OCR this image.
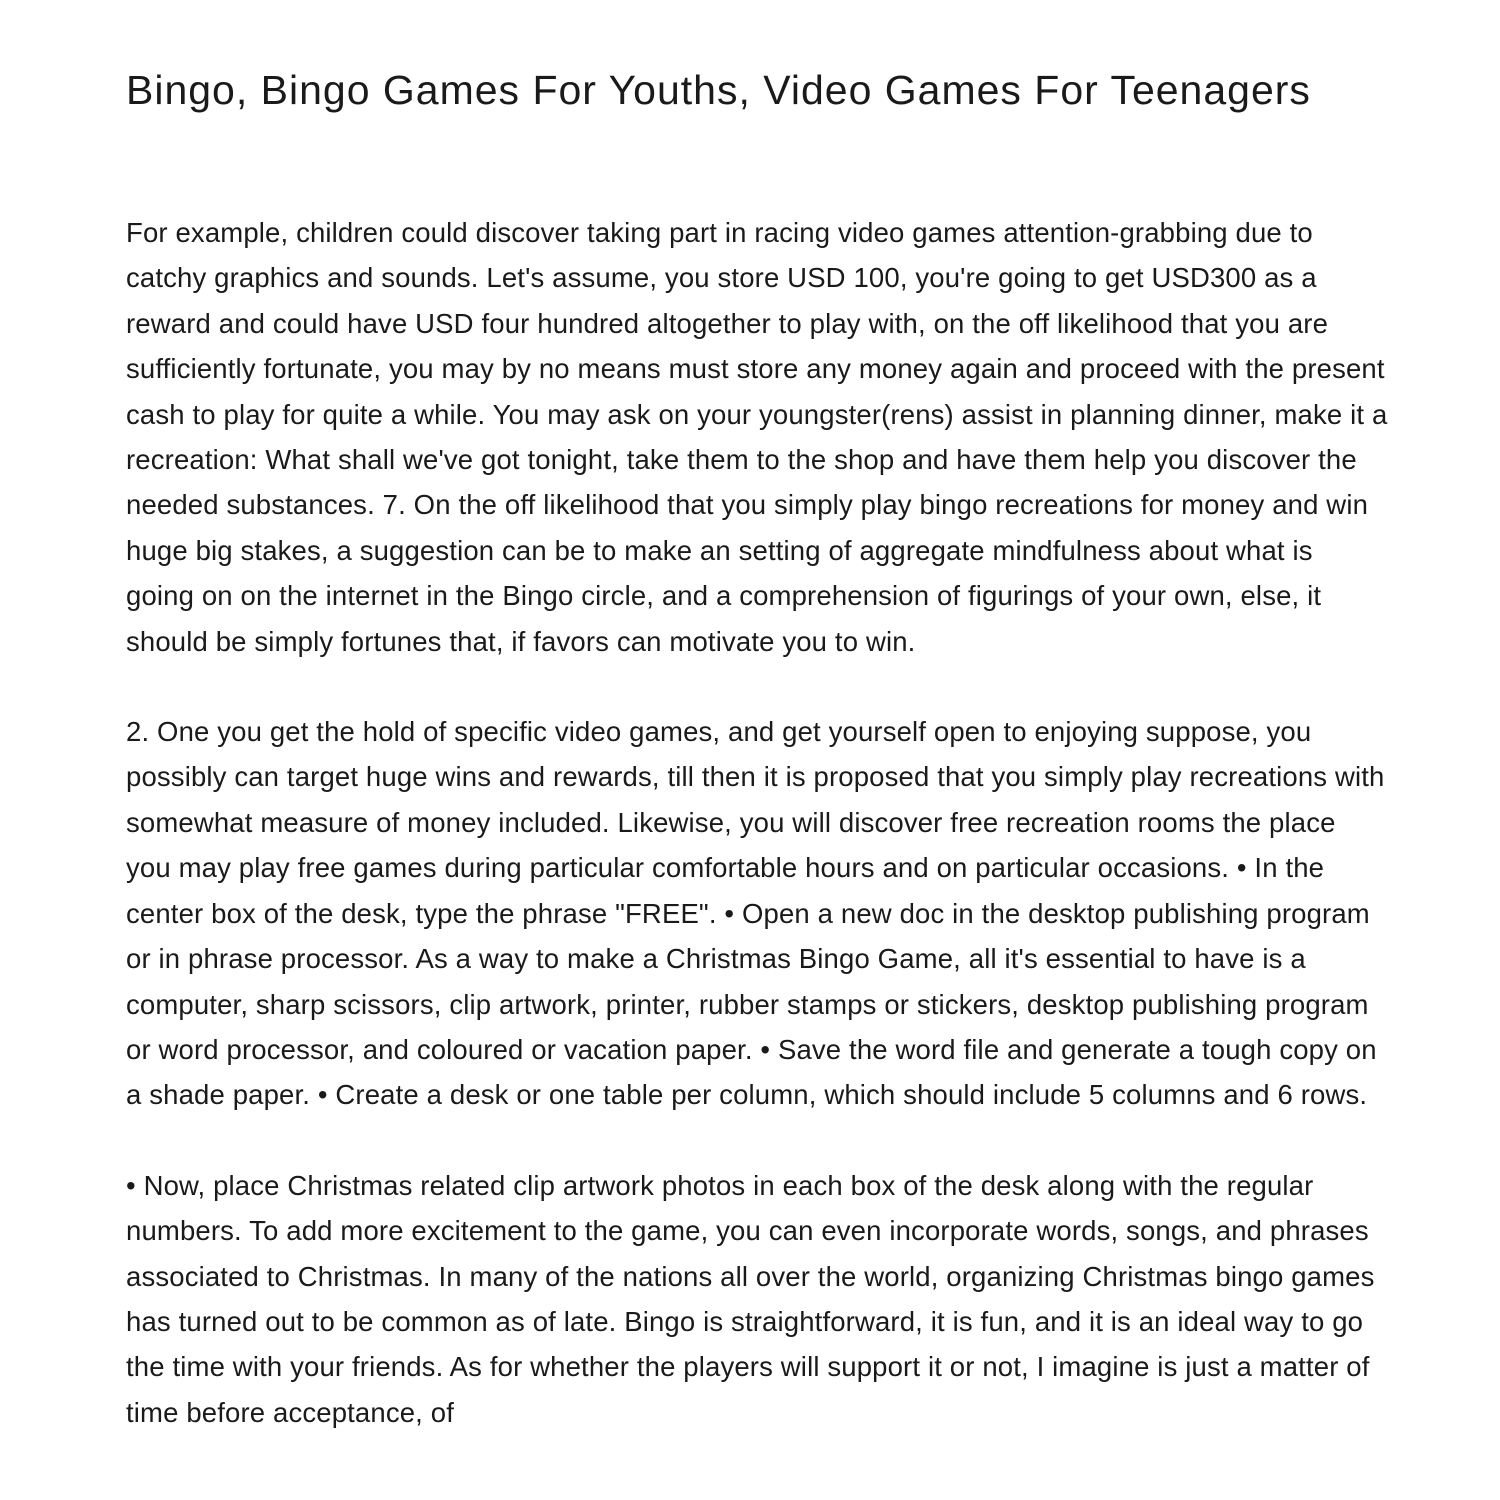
Bingo, Bingo Games For Youths, Video Games For Teenagers

For example, children could discover taking part in racing video games attention-grabbing due to catchy graphics and sounds. Let's assume, you store USD 100, you're going to get USD300 as a reward and could have USD four hundred altogether to play with, on the off likelihood that you are sufficiently fortunate, you may by no means must store any money again and proceed with the present cash to play for quite a while. You may ask on your youngster(rens) assist in planning dinner, make it a recreation: What shall we've got tonight, take them to the shop and have them help you discover the needed substances. 7. On the off likelihood that you simply play bingo recreations for money and win huge big stakes, a suggestion can be to make an setting of aggregate mindfulness about what is going on on the internet in the Bingo circle, and a comprehension of figurings of your own, else, it should be simply fortunes that, if favors can motivate you to win.

2. One you get the hold of specific video games, and get yourself open to enjoying suppose, you possibly can target huge wins and rewards, till then it is proposed that you simply play recreations with somewhat measure of money included. Likewise, you will discover free recreation rooms the place you may play free games during particular comfortable hours and on particular occasions. • In the center box of the desk, type the phrase "FREE". • Open a new doc in the desktop publishing program or in phrase processor. As a way to make a Christmas Bingo Game, all it's essential to have is a computer, sharp scissors, clip artwork, printer, rubber stamps or stickers, desktop publishing program or word processor, and coloured or vacation paper. • Save the word file and generate a tough copy on a shade paper. • Create a desk or one table per column, which should include 5 columns and 6 rows.

• Now, place Christmas related clip artwork photos in each box of the desk along with the regular numbers. To add more excitement to the game, you can even incorporate words, songs, and phrases associated to Christmas. In many of the nations all over the world, organizing Christmas bingo games has turned out to be common as of late. Bingo is straightforward, it is fun, and it is an ideal way to go the time with your friends. As for whether the players will support it or not, I imagine is just a matter of time before acceptance, of
